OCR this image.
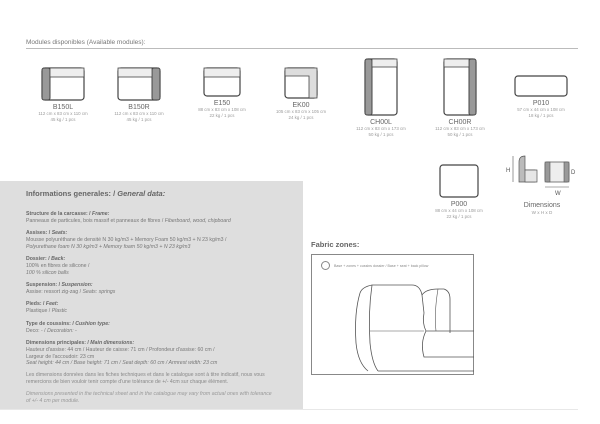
Modules disponibles (Available modules):
B150L
112 cm x 83 cm x 110 cm
45 kg / 1 pcs
B150R
112 cm x 83 cm x 110 cm
45 kg / 1 pcs
E150
88 cm x 83 cm x 108 cm
22 kg / 1 pcs
EK00
105 cm x 83 cm x 105 cm
24 kg / 1 pcs
CH00L
112 cm x 83 cm x 173 cm
50 kg / 1 pcs
CH00R
112 cm x 83 cm x 173 cm
50 kg / 1 pcs
P010
57 cm x 44 cm x 108 cm
18 kg / 1 pcs
P000
88 cm x 44 cm x 108 cm
22 kg / 1 pcs
H	D
W
Dimensions
W x H x D
Informations generales: / General data:
Structure de la carcasse: / Frame:
Panneaux de particules, bois massif et panneaux de fibres / Fiberboard, wood, chipboard
Assises: / Seats:
Mousse polyuréthane de densité N 30 kg/m3 + Memory Foam 50 kg/m3 + N 23 kg/m3 /
Polyurethane foam N 30 kg/m3 + Memory foam 50 kg/m3 + N 23 kg/m3
Dossier: / Back:
100% en fibres de silicone /
100 % silicon balls
Suspension: / Suspension:
Assise: ressort zig-zag / Seats: springs
Pieds: / Feet:
Plastique / Plastic
Type de coussins: / Cushion type:
Deco: - / Decoration: -
Dimensions principales: / Main dimensions:
Hauteur d'assise: 44 cm / Hauteur de caisse: 71 cm / Profondeur d'assise: 60 cm /
Largeur de l'accoudoir: 23 cm
Seat height: 44 cm / Base height: 71 cm / Seat depth: 60 cm / Armrest width: 23 cm
Les dimensions données dans les fiches techniques et dans le catalogue sont à titre indicatif, nous vous remercions de bien vouloir tenir compte d'une tolérance de +/- 4cm sur chaque élément.
Dimensions presented in the technical sheet and in the catalogue may vary from actual ones with tolerance of +/- 4 cm per module.
Fabric zones:
Base + zones + cussins dossier / Base + seat + back pillow
